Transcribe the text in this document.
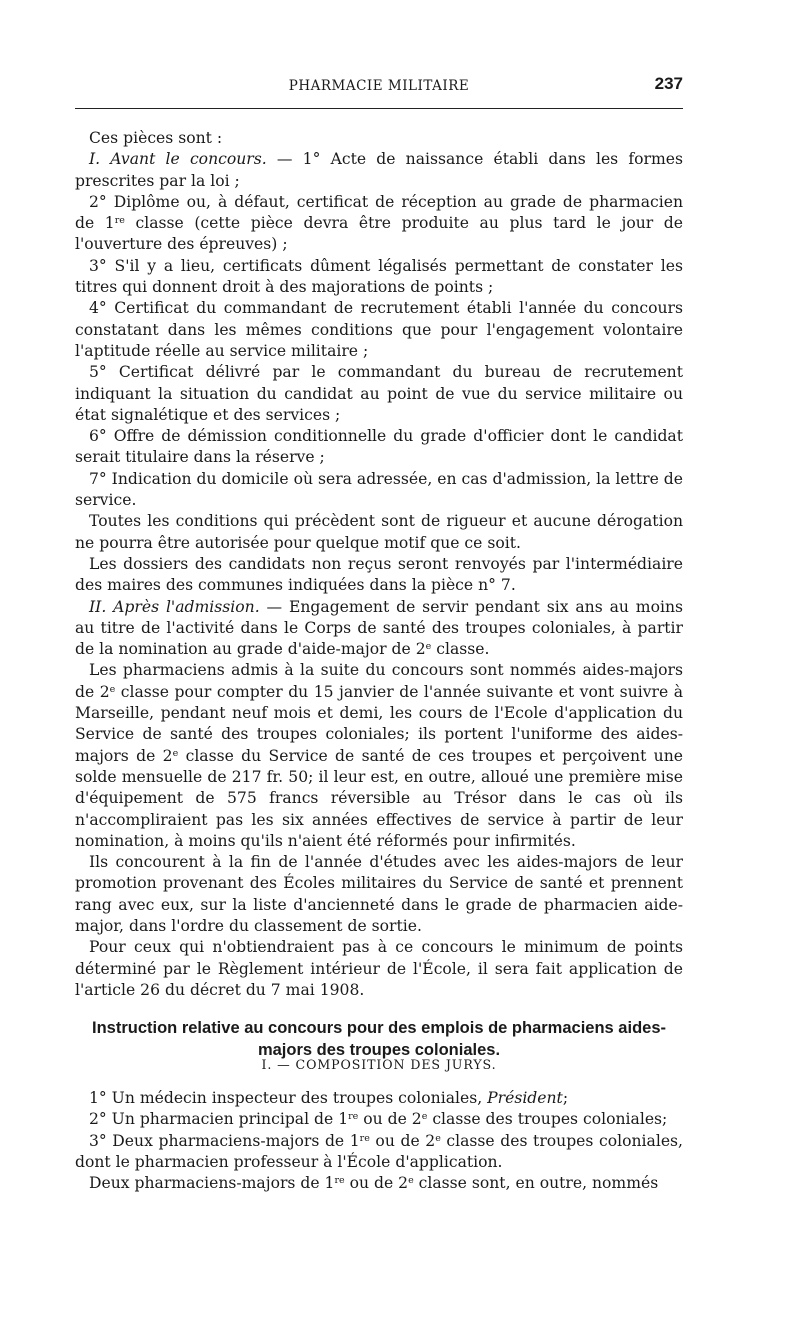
PHARMACIE MILITAIRE	237

Ces pièces sont :

I. Avant le concours. — 1° Acte de naissance établi dans les formes prescrites par la loi ;

2° Diplôme ou, à défaut, certificat de réception au grade de pharmacien de 1re classe (cette pièce devra être produite au plus tard le jour de l'ouverture des épreuves) ;

3° S'il y a lieu, certificats dûment légalisés permettant de constater les titres qui donnent droit à des majorations de points ;

4° Certificat du commandant de recrutement établi l'année du concours constatant dans les mêmes conditions que pour l'engagement volontaire l'aptitude réelle au service militaire ;

5° Certificat délivré par le commandant du bureau de recrutement indiquant la situation du candidat au point de vue du service militaire ou état signalétique et des services ;

6° Offre de démission conditionnelle du grade d'officier dont le candidat serait titulaire dans la réserve ;

7° Indication du domicile où sera adressée, en cas d'admission, la lettre de service.

Toutes les conditions qui précèdent sont de rigueur et aucune dérogation ne pourra être autorisée pour quelque motif que ce soit.

Les dossiers des candidats non reçus seront renvoyés par l'intermédiaire des maires des communes indiquées dans la pièce n° 7.

II. Après l'admission. — Engagement de servir pendant six ans au moins au titre de l'activité dans le Corps de santé des troupes coloniales, à partir de la nomination au grade d'aide-major de 2e classe.

Les pharmaciens admis à la suite du concours sont nommés aides-majors de 2e classe pour compter du 15 janvier de l'année suivante et vont suivre à Marseille, pendant neuf mois et demi, les cours de l'Ecole d'application du Service de santé des troupes coloniales; ils portent l'uniforme des aides-majors de 2e classe du Service de santé de ces troupes et perçoivent une solde mensuelle de 217 fr. 50; il leur est, en outre, alloué une première mise d'équipement de 575 francs réversible au Trésor dans le cas où ils n'accompliraient pas les six années effectives de service à partir de leur nomination, à moins qu'ils n'aient été réformés pour infirmités.

Ils concourent à la fin de l'année d'études avec les aides-majors de leur promotion provenant des Écoles militaires du Service de santé et prennent rang avec eux, sur la liste d'ancienneté dans le grade de pharmacien aide-major, dans l'ordre du classement de sortie.

Pour ceux qui n'obtiendraient pas à ce concours le minimum de points déterminé par le Règlement intérieur de l'École, il sera fait application de l'article 26 du décret du 7 mai 1908.

Instruction relative au concours pour des emplois de pharmaciens aides-majors des troupes coloniales.
I. — COMPOSITION DES JURYS.

1° Un médecin inspecteur des troupes coloniales, Président;

2° Un pharmacien principal de 1re ou de 2e classe des troupes coloniales;

3° Deux pharmaciens-majors de 1re ou de 2e classe des troupes coloniales, dont le pharmacien professeur à l'École d'application.

Deux pharmaciens-majors de 1re ou de 2e classe sont, en outre, nommés
